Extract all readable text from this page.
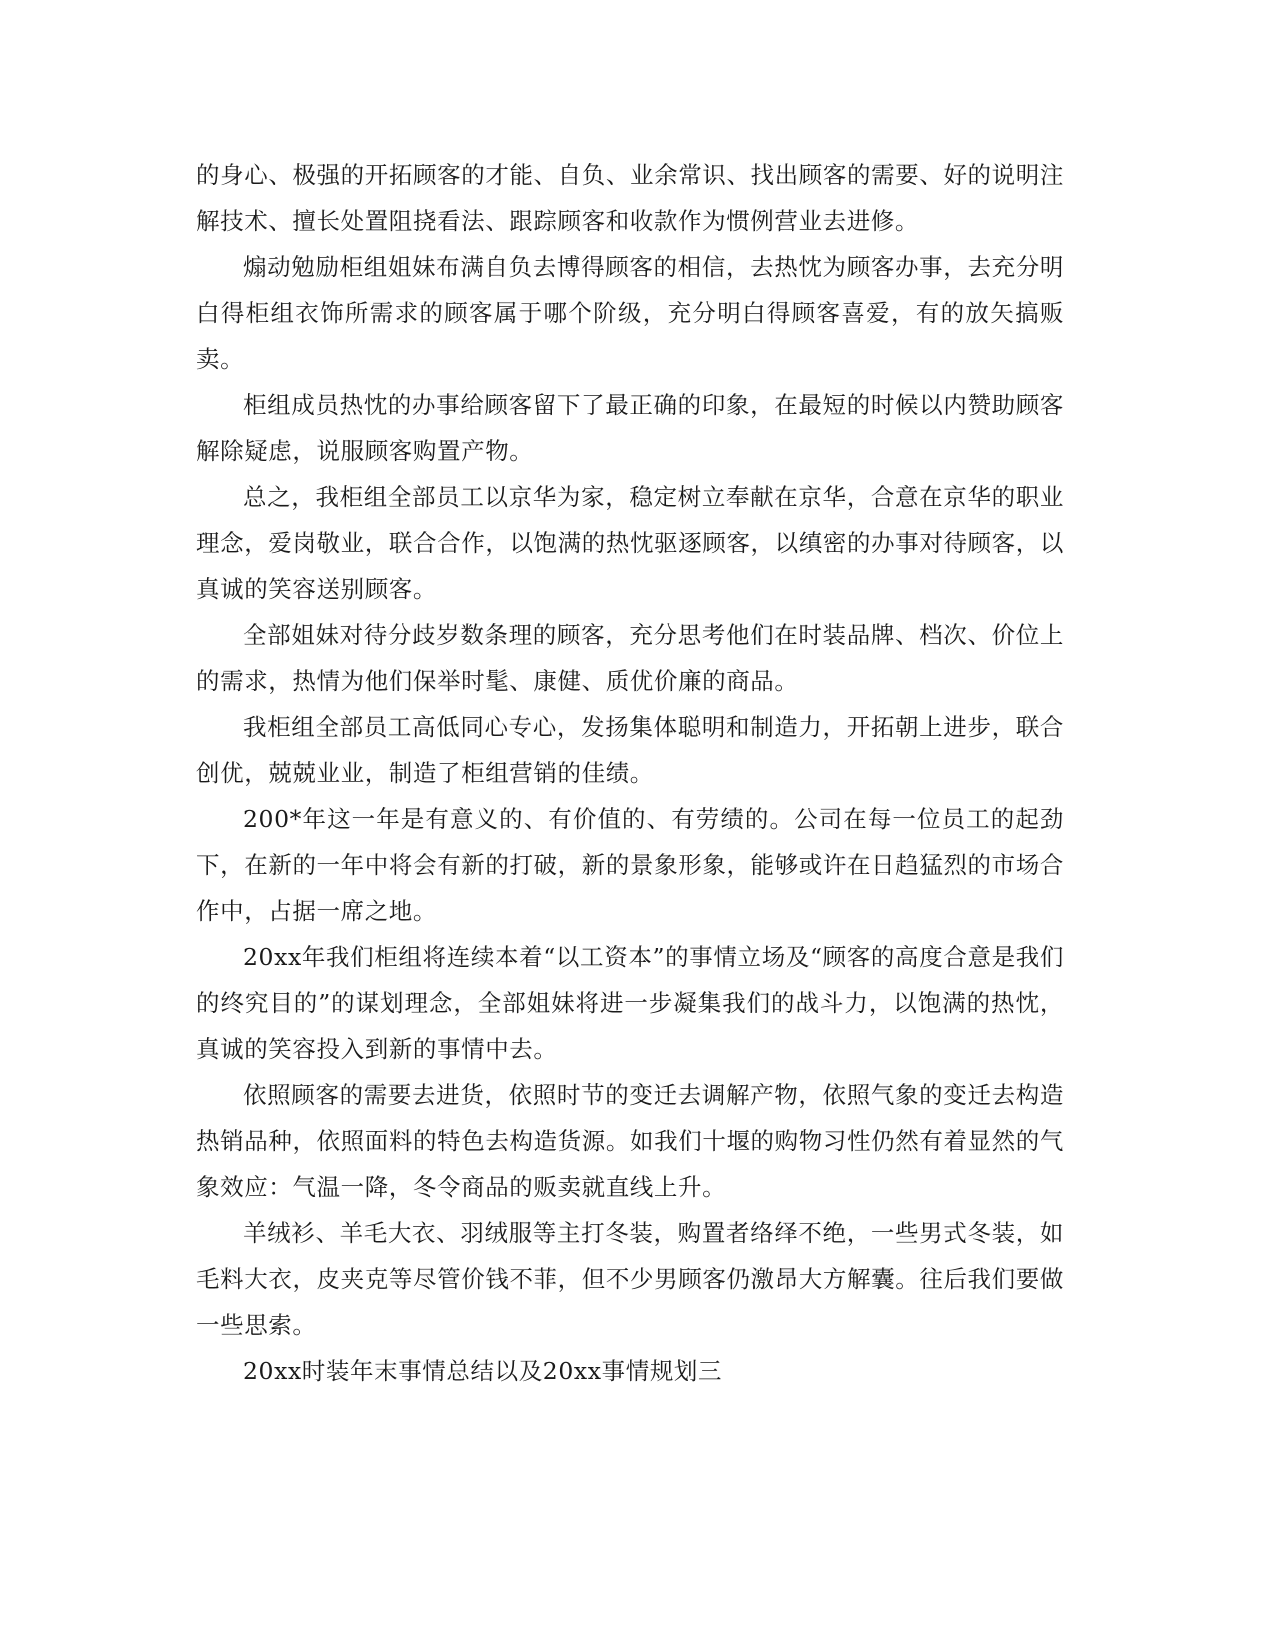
的身心、极强的开拓顾客的才能、自负、业余常识、找出顾客的需要、好的说明注解技术、擅长处置阻挠看法、跟踪顾客和收款作为惯例营业去进修。

煽动勉励柜组姐妹布满自负去博得顾客的相信，去热忱为顾客办事，去充分明白得柜组衣饰所需求的顾客属于哪个阶级，充分明白得顾客喜爱，有的放矢搞贩卖。

柜组成员热忱的办事给顾客留下了最正确的印象，在最短的时候以内赞助顾客解除疑虑，说服顾客购置产物。

总之，我柜组全部员工以京华为家，稳定树立奉献在京华，合意在京华的职业理念，爱岗敬业，联合合作，以饱满的热忱驱逐顾客，以缜密的办事对待顾客，以真诚的笑容送别顾客。

全部姐妹对待分歧岁数条理的顾客，充分思考他们在时装品牌、档次、价位上的需求，热情为他们保举时髦、康健、质优价廉的商品。

我柜组全部员工高低同心专心，发扬集体聪明和制造力，开拓朝上进步，联合创优，兢兢业业，制造了柜组营销的佳绩。

200*年这一年是有意义的、有价值的、有劳绩的。公司在每一位员工的起劲下，在新的一年中将会有新的打破，新的景象形象，能够或许在日趋猛烈的市场合作中，占据一席之地。

20xx年我们柜组将连续本着“以工资本”的事情立场及“顾客的高度合意是我们的终究目的”的谋划理念，全部姐妹将进一步凝集我们的战斗力，以饱满的热忱，真诚的笑容投入到新的事情中去。

依照顾客的需要去进货，依照时节的变迁去调解产物，依照气象的变迁去构造热销品种，依照面料的特色去构造货源。如我们十堰的购物习性仍然有着显然的气象效应：气温一降，冬令商品的贩卖就直线上升。

羊绒衫、羊毛大衣、羽绒服等主打冬装，购置者络绎不绝，一些男式冬装，如毛料大衣，皮夹克等尽管价钱不菲，但不少男顾客仍激昂大方解囊。往后我们要做一些思索。

20xx时装年末事情总结以及20xx事情规划三
